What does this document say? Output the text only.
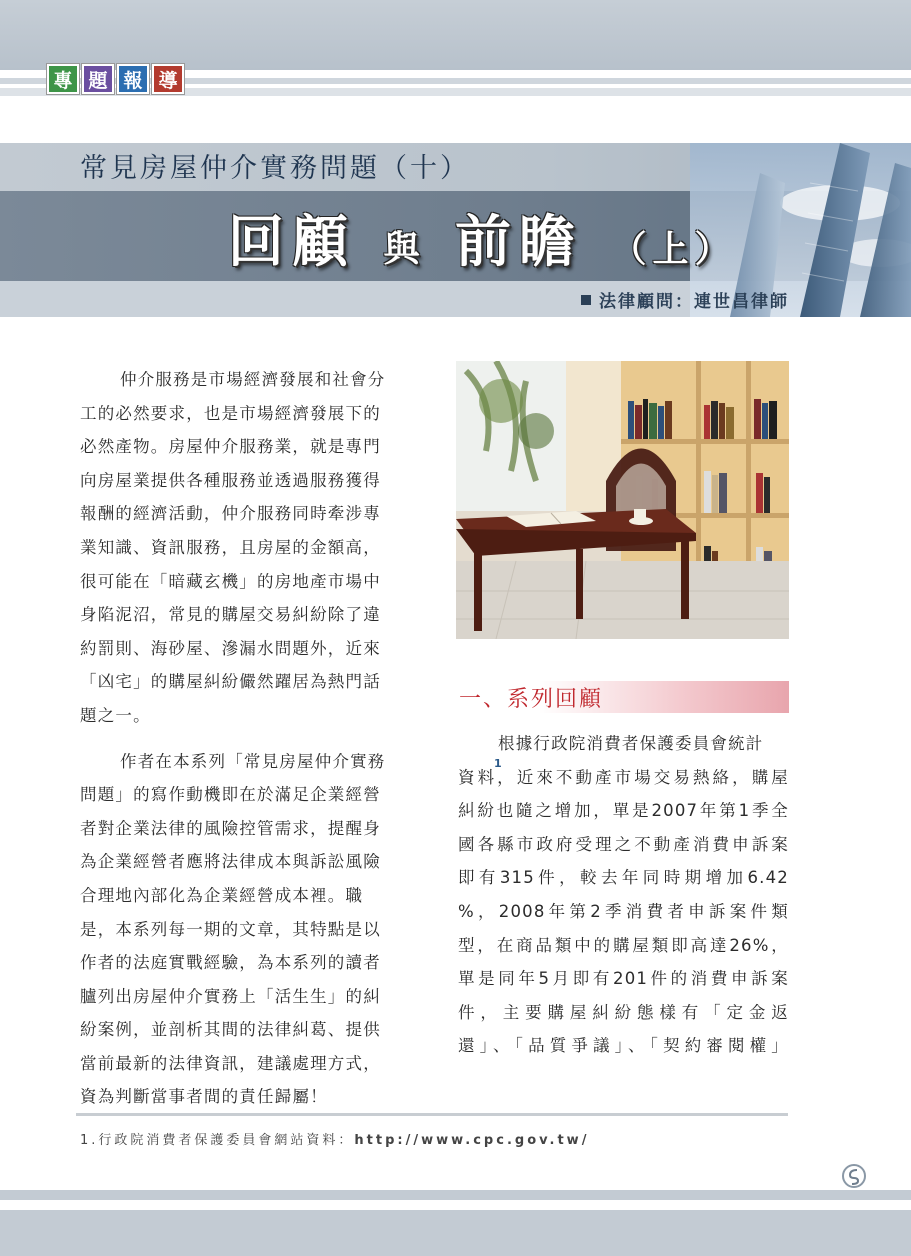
專 題 報 導
常見房屋仲介實務問題（十）
回顧 與 前瞻 （上）
法律顧問：連世昌律師
仲介服務是市場經濟發展和社會分
工的必然要求，也是市場經濟發展下的
必然產物。房屋仲介服務業，就是專門
向房屋業提供各種服務並透過服務獲得
報酬的經濟活動，仲介服務同時牽涉專
業知識、資訊服務，且房屋的金額高，
很可能在「暗藏玄機」的房地產市場中
身陷泥沼，常見的購屋交易糾紛除了違
約罰則、海砂屋、滲漏水問題外，近來
「凶宅」的購屋糾紛儼然躍居為熱門話
題之一。
作者在本系列「常見房屋仲介實務
問題」的寫作動機即在於滿足企業經營
者對企業法律的風險控管需求，提醒身
為企業經營者應將法律成本與訴訟風險
合理地內部化為企業經營成本裡。職
是，本系列每一期的文章，其特點是以
作者的法庭實戰經驗，為本系列的讀者
臚列出房屋仲介實務上「活生生」的糾
紛案例，並剖析其間的法律糾葛、提供
當前最新的法律資訊，建議處理方式，
資為判斷當事者間的責任歸屬！
一、系列回顧
根據行政院消費者保護委員會統計
資料，近來不動產市場交易熱絡，購屋
糾紛也隨之增加，單是2007年第1季全
國各縣市政府受理之不動產消費申訴案
即有315件，較去年同時期增加6.42
%，2008年第2季消費者申訴案件類
型，在商品類中的購屋類即高達26%，
單是同年5月即有201件的消費申訴案
件，主要購屋糾紛態樣有「定金返
還」、「品質爭議」、「契約審閱權」
1
1.行政院消費者保護委員會網站資料：http://www.cpc.gov.tw/
